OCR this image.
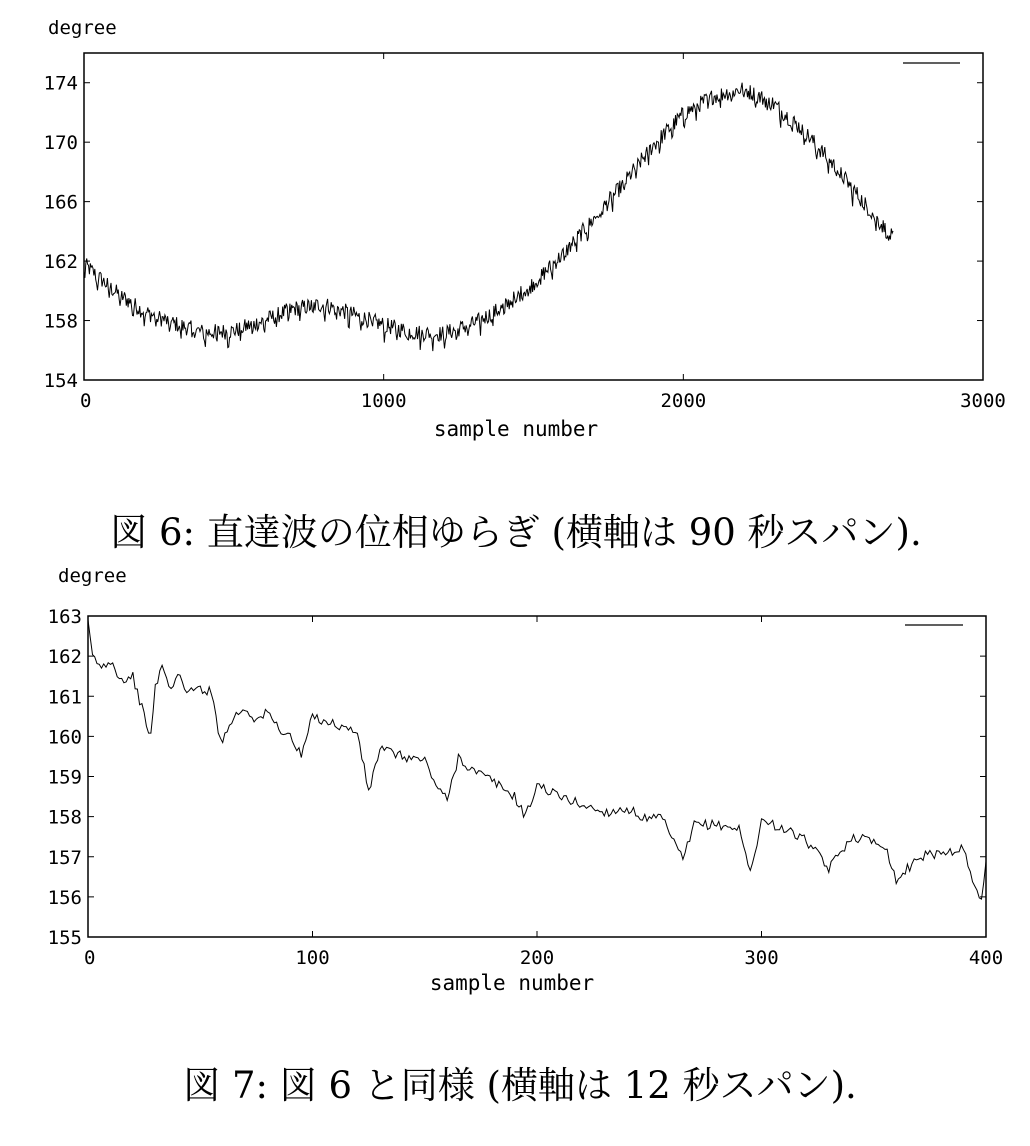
degree
154
158
162
166
170
174
0	1000	2000	3000
sample number
図 6: 直達波の位相ゆらぎ (横軸は 90 秒スパン).
degree
155
156
157
158
159
160
161
162
163
0	100	200	300	400
sample number
図 7: 図 6 と同様 (横軸は 12 秒スパン).
